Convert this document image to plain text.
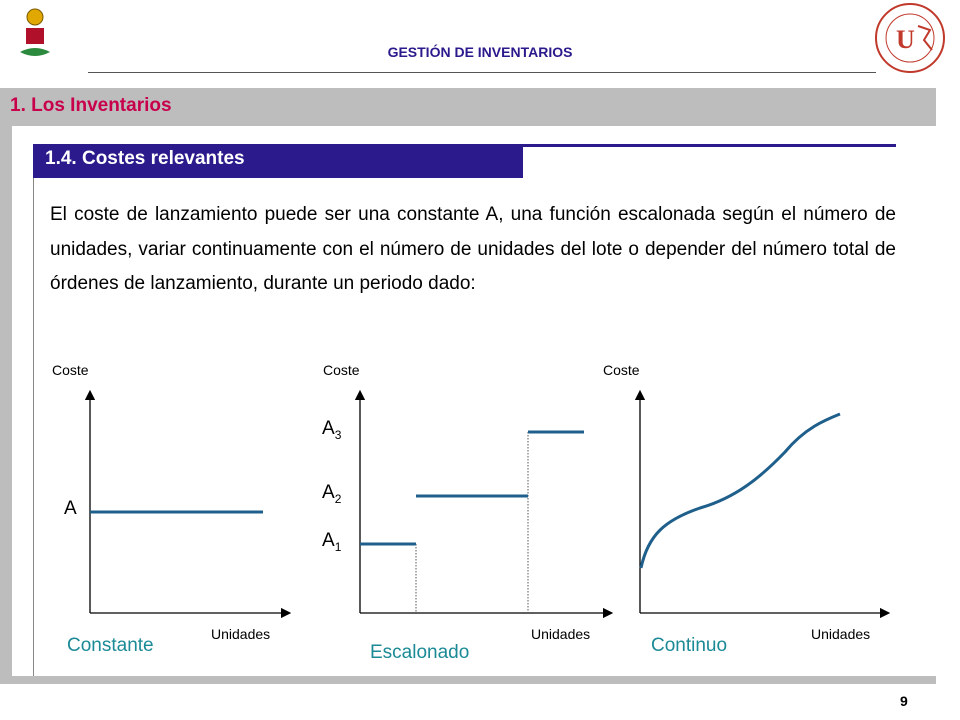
U
GESTIÓN DE INVENTARIOS
1. Los Inventarios
1.4. Costes relevantes
El coste de lanzamiento puede ser una constante A, una función escalonada según el número de unidades, variar continuamente con el número de unidades del lote o depender del número total de órdenes de lanzamiento, durante un periodo dado:
Coste
Unidades
Constante
A
Coste
Unidades
Escalonado
$A_3$
$A_2$
$A_1$
Coste
Unidades
Continuo
9
